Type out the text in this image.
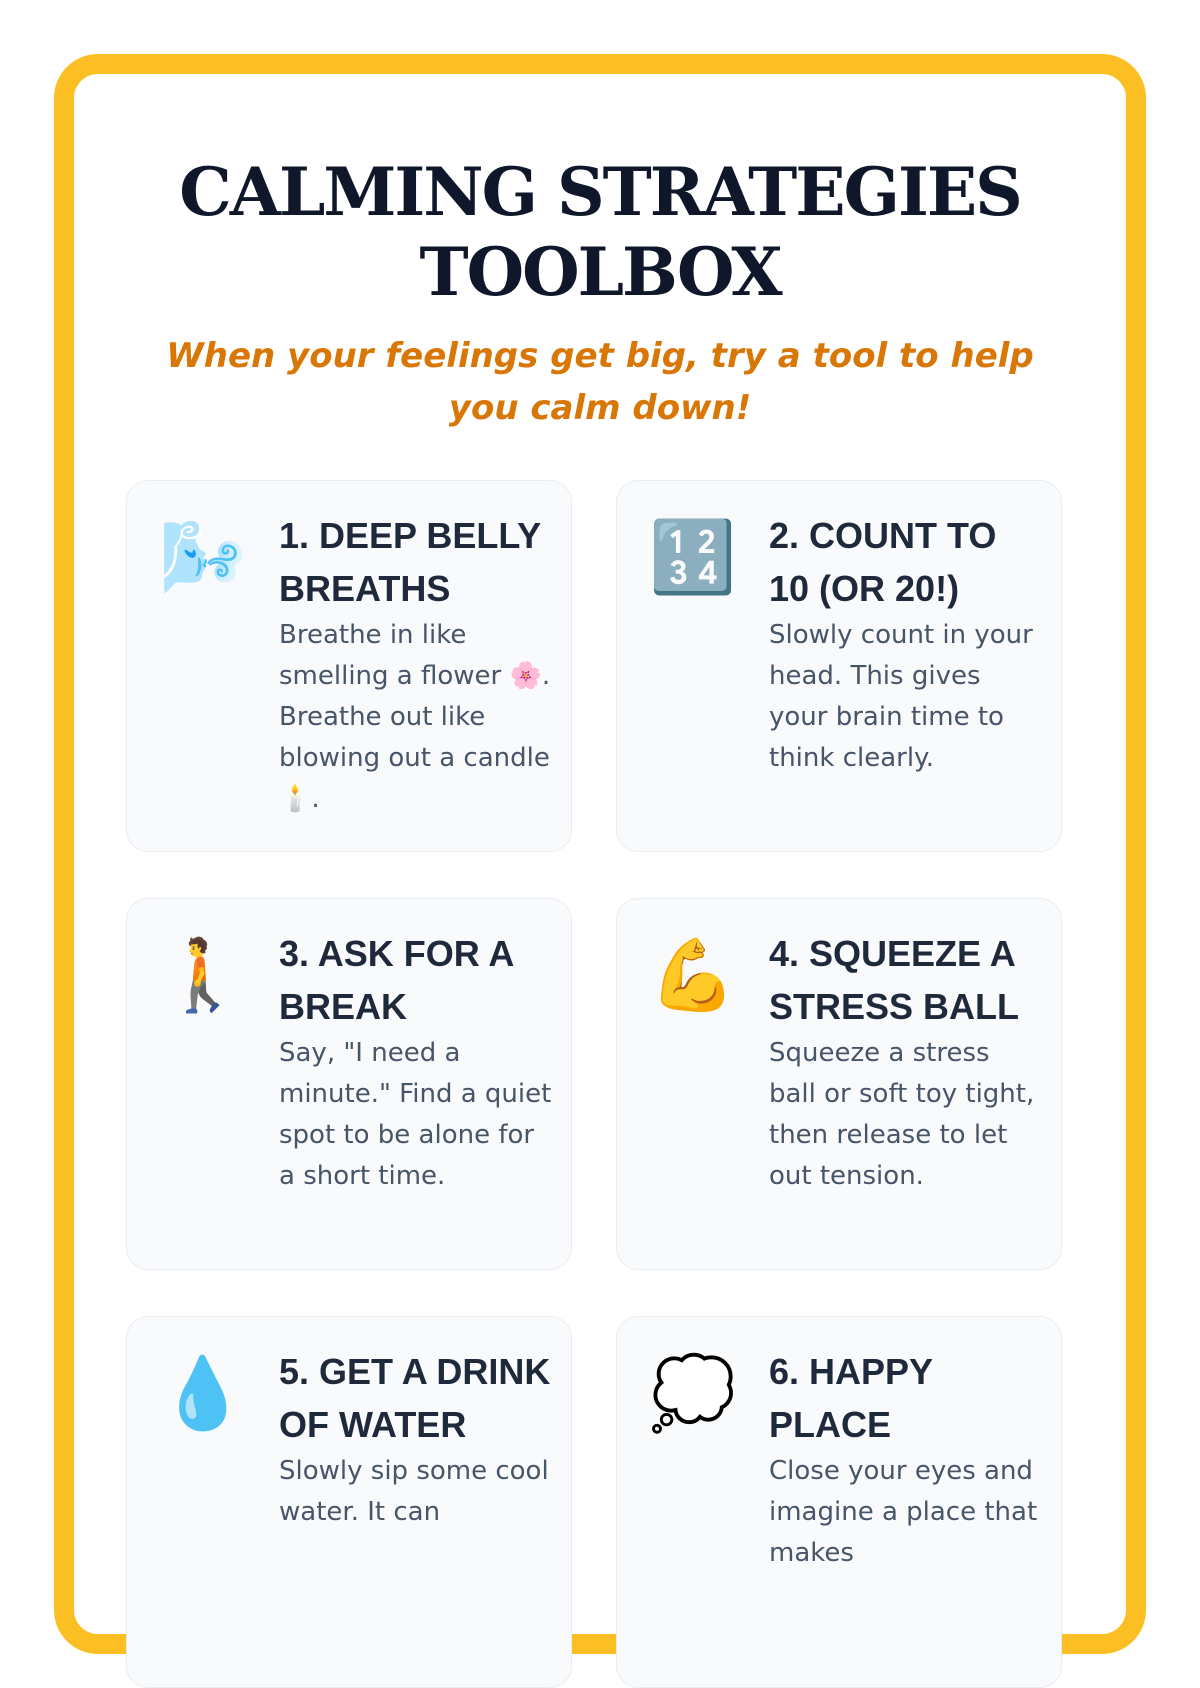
CALMING STRATEGIES TOOLBOX

When your feelings get big, try a tool to help you calm down!

🌬️ 1. DEEP BELLY BREATHS

Breathe in like smelling a flower 🌸. Breathe out like blowing out a candle 🕯️.

🔢 2. COUNT TO 10 (OR 20!)

Slowly count in your head. This gives your brain time to think clearly.

🚶 3. ASK FOR A BREAK

Say, "I need a minute." Find a quiet spot to be alone for a short time.

💪 4. SQUEEZE A STRESS BALL

Squeeze a stress ball or soft toy tight, then release to let out tension.

💧 5. GET A DRINK OF WATER

Slowly sip some cool water. It can

💭 6. HAPPY PLACE

Close your eyes and imagine a place that makes
